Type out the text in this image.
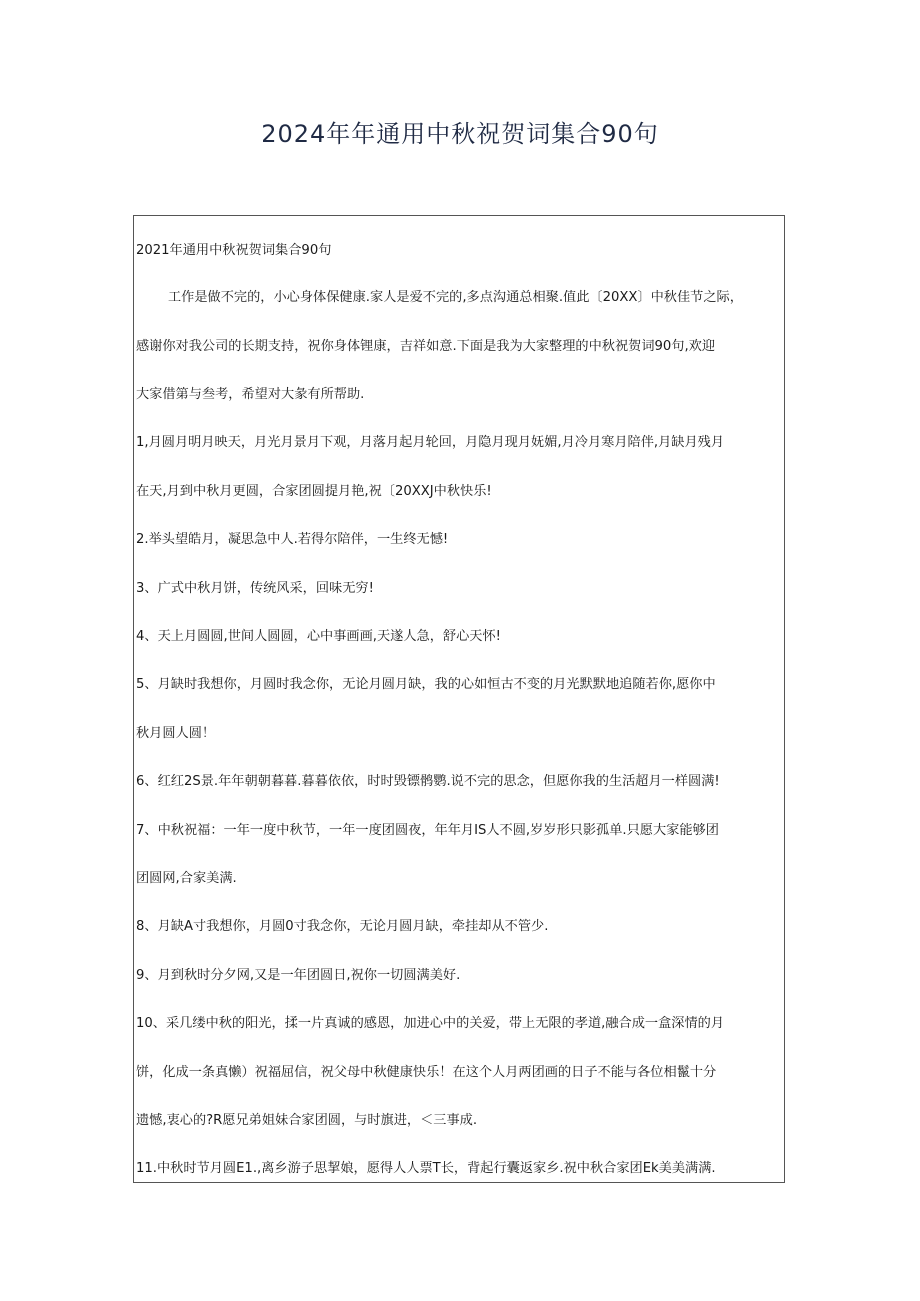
2024年年通用中秋祝贺词集合90句
2021年通用中秋祝贺词集合90句
工作是做不完的，小心身体保健康.家人是爱不完的,多点沟通总相聚.值此〔20XX〕中秋佳节之际，
感谢你对我公司的长期支持，祝你身体锂康，吉祥如意.下面是我为大家整理的中秋祝贺词90句,欢迎
大家借第与叁考，希望对大彖有所帮助.
1,月圆月明月映天，月光月景月下观，月落月起月轮回，月隐月现月妩媚,月冷月寒月陪伴,月缺月残月
在天,月到中秋月更圆，合家团圆提月艳,祝〔20XXJ中秋快乐!
2.举头望皓月，凝思急中人.若得尔陪伴，一生终无憾!
3、广式中秋月饼，传统风采，回味无穷!
4、天上月圆圆,世间人圆圆，心中事画画,天遂人急，舒心天怀!
5、月缺时我想你，月圆时我念你，无论月圆月缺，我的心如恒古不变的月光默默地追随若你,愿你中
秋月圆人圆！
6、红红2S景.年年朝朝暮暮.暮暮依依，时时毁镖鹘鹦.说不完的思念，但愿你我的生活超月一样圆满!
7、中秋祝福：一年一度中秋节，一年一度团圆夜，年年月IS人不圆,岁岁形只影孤单.只愿大家能够团
团圆网,合家美满.
8、月缺A寸我想你，月圆0寸我念你，无论月圆月缺，牵挂却从不管少.
9、月到秋时分夕网,又是一年团圆日,祝你一切圆满美好.
10、采几缕中秋的阳光，揉一片真诚的感恩，加进心中的关爱，带上无限的孝道,融合成一盒深情的月
饼，化成一条真懒）祝福屈信，祝父母中秋健康快乐！在这个人月两团画的日子不能与各位相鬣十分
遗憾,衷心的?R愿兄弟姐妹合家团圆，与时旗进，＜三事成.
11.中秋时节月圆E1.,离乡游子思挈娘，愿得人人票T长，背起行囊返家乡.祝中秋合家团Ek美美满满.
